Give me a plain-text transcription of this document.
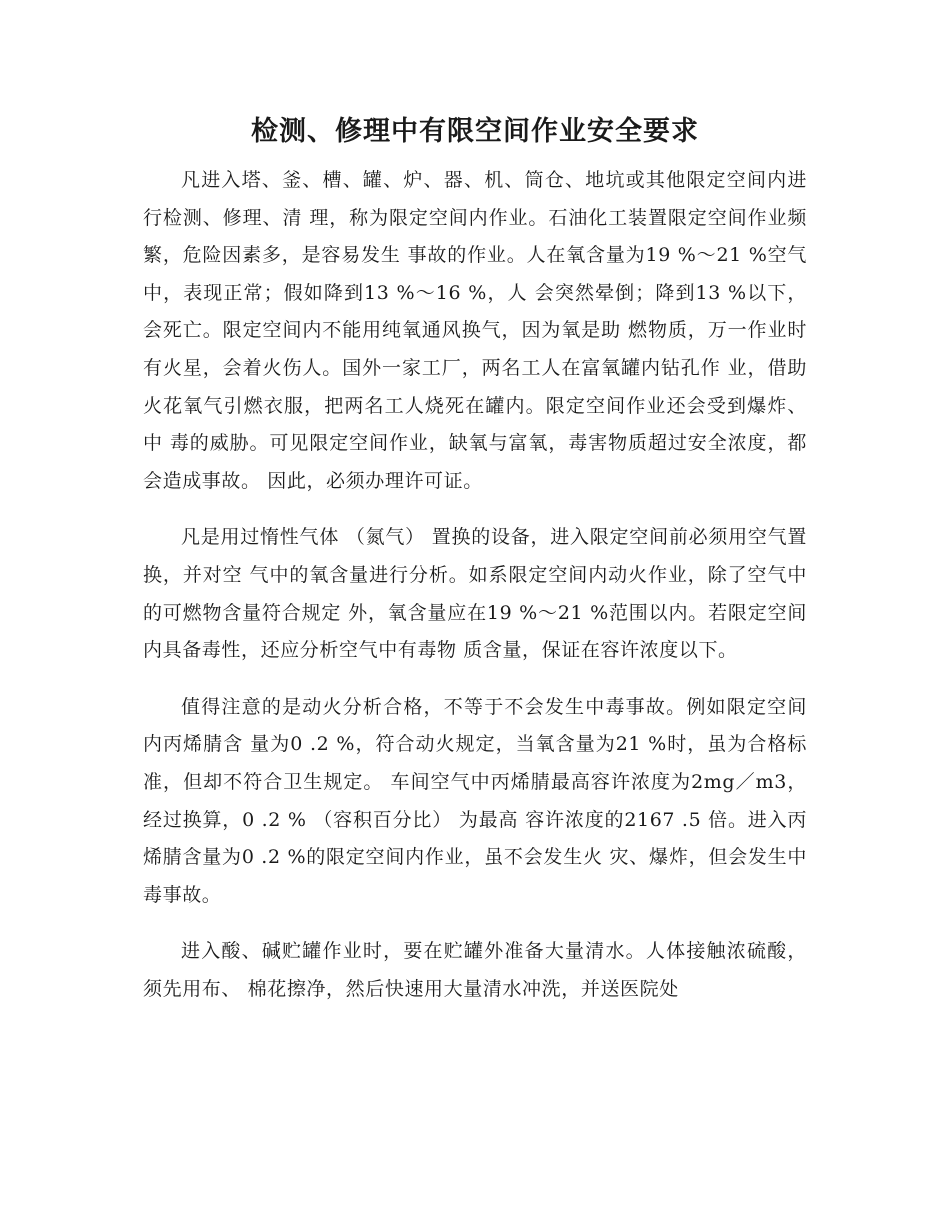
检测、修理中有限空间作业安全要求

凡进入塔、釜、槽、罐、炉、器、机、筒仓、地坑或其他限定空间内进行检测、修理、清 理，称为限定空间内作业。石油化工装置限定空间作业频繁，危险因素多，是容易发生 事故的作业。人在氧含量为19 %～21 %空气中，表现正常；假如降到13 %～16 %，人 会突然晕倒；降到13 %以下，会死亡。限定空间内不能用纯氧通风换气，因为氧是助 燃物质，万一作业时有火星，会着火伤人。国外一家工厂，两名工人在富氧罐内钻孔作 业，借助火花氧气引燃衣服，把两名工人烧死在罐内。限定空间作业还会受到爆炸、中 毒的威胁。可见限定空间作业，缺氧与富氧，毒害物质超过安全浓度，都会造成事故。 因此，必须办理许可证。

凡是用过惰性气体 （氮气） 置换的设备，进入限定空间前必须用空气置换，并对空 气中的氧含量进行分析。如系限定空间内动火作业，除了空气中的可燃物含量符合规定 外，氧含量应在19 %～21 %范围以内。若限定空间内具备毒性，还应分析空气中有毒物 质含量，保证在容许浓度以下。

值得注意的是动火分析合格，不等于不会发生中毒事故。例如限定空间内丙烯腈含 量为0 .2 %，符合动火规定，当氧含量为21 %时，虽为合格标准，但却不符合卫生规定。 车间空气中丙烯腈最高容许浓度为2mg／m3，经过换算，0 .2 % （容积百分比） 为最高 容许浓度的2167 .5 倍。进入丙烯腈含量为0 .2 %的限定空间内作业，虽不会发生火 灾、爆炸，但会发生中毒事故。

进入酸、碱贮罐作业时，要在贮罐外准备大量清水。人体接触浓硫酸，须先用布、 棉花擦净，然后快速用大量清水冲洗，并送医院处
